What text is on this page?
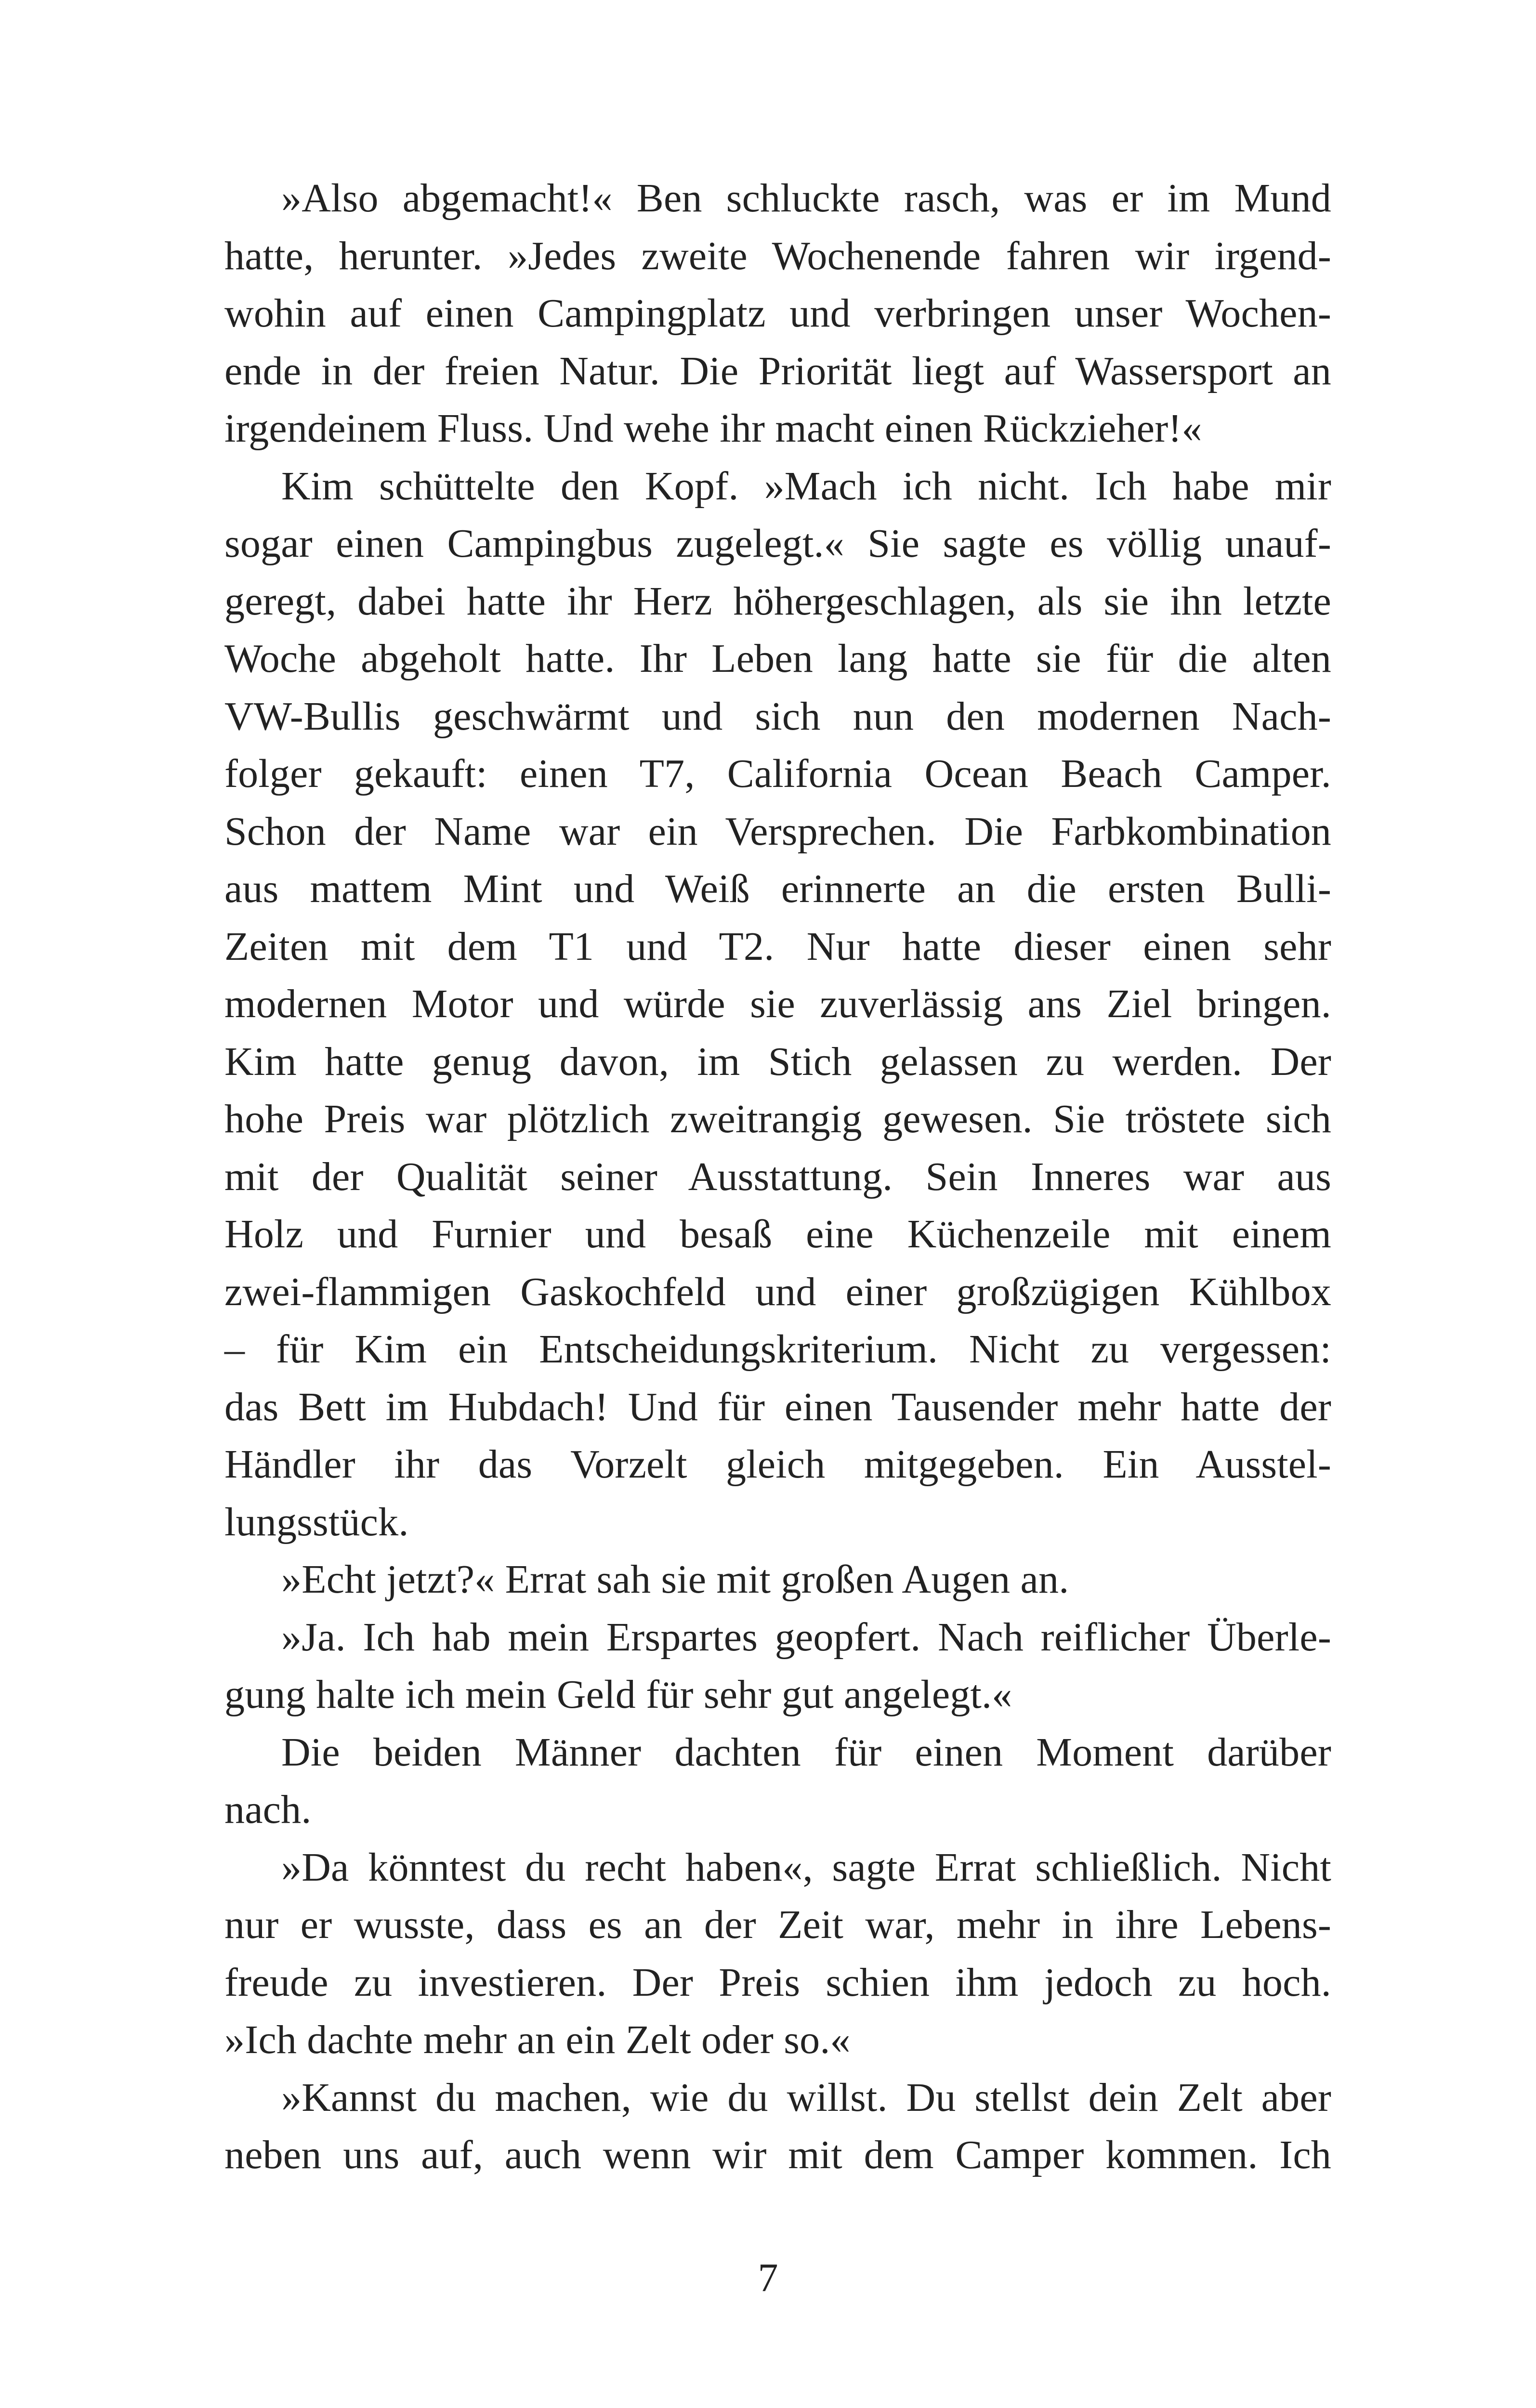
»Also abgemacht!« Ben schluckte rasch, was er im Mund
hatte, herunter. »Jedes zweite Wochenende fahren wir irgend-
wohin auf einen Campingplatz und verbringen unser Wochen-
ende in der freien Natur. Die Priorität liegt auf Wassersport an
irgendeinem Fluss. Und wehe ihr macht einen Rückzieher!«
Kim schüttelte den Kopf. »Mach ich nicht. Ich habe mir
sogar einen Campingbus zugelegt.« Sie sagte es völlig unauf-
geregt, dabei hatte ihr Herz höhergeschlagen, als sie ihn letzte
Woche abgeholt hatte. Ihr Leben lang hatte sie für die alten
VW-Bullis geschwärmt und sich nun den modernen Nach-
folger gekauft: einen T7, California Ocean Beach Camper.
Schon der Name war ein Versprechen. Die Farbkombination
aus mattem Mint und Weiß erinnerte an die ersten Bulli-
Zeiten mit dem T1 und T2. Nur hatte dieser einen sehr
modernen Motor und würde sie zuverlässig ans Ziel bringen.
Kim hatte genug davon, im Stich gelassen zu werden. Der
hohe Preis war plötzlich zweitrangig gewesen. Sie tröstete sich
mit der Qualität seiner Ausstattung. Sein Inneres war aus
Holz und Furnier und besaß eine Küchenzeile mit einem
zwei-flammigen Gaskochfeld und einer großzügigen Kühlbox
– für Kim ein Entscheidungskriterium. Nicht zu vergessen:
das Bett im Hubdach! Und für einen Tausender mehr hatte der
Händler ihr das Vorzelt gleich mitgegeben. Ein Ausstel-
lungsstück.
»Echt jetzt?« Errat sah sie mit großen Augen an.
»Ja. Ich hab mein Erspartes geopfert. Nach reiflicher Überle-
gung halte ich mein Geld für sehr gut angelegt.«
Die beiden Männer dachten für einen Moment darüber
nach.
»Da könntest du recht haben«, sagte Errat schließlich. Nicht
nur er wusste, dass es an der Zeit war, mehr in ihre Lebens-
freude zu investieren. Der Preis schien ihm jedoch zu hoch.
»Ich dachte mehr an ein Zelt oder so.«
»Kannst du machen, wie du willst. Du stellst dein Zelt aber
neben uns auf, auch wenn wir mit dem Camper kommen. Ich
7
